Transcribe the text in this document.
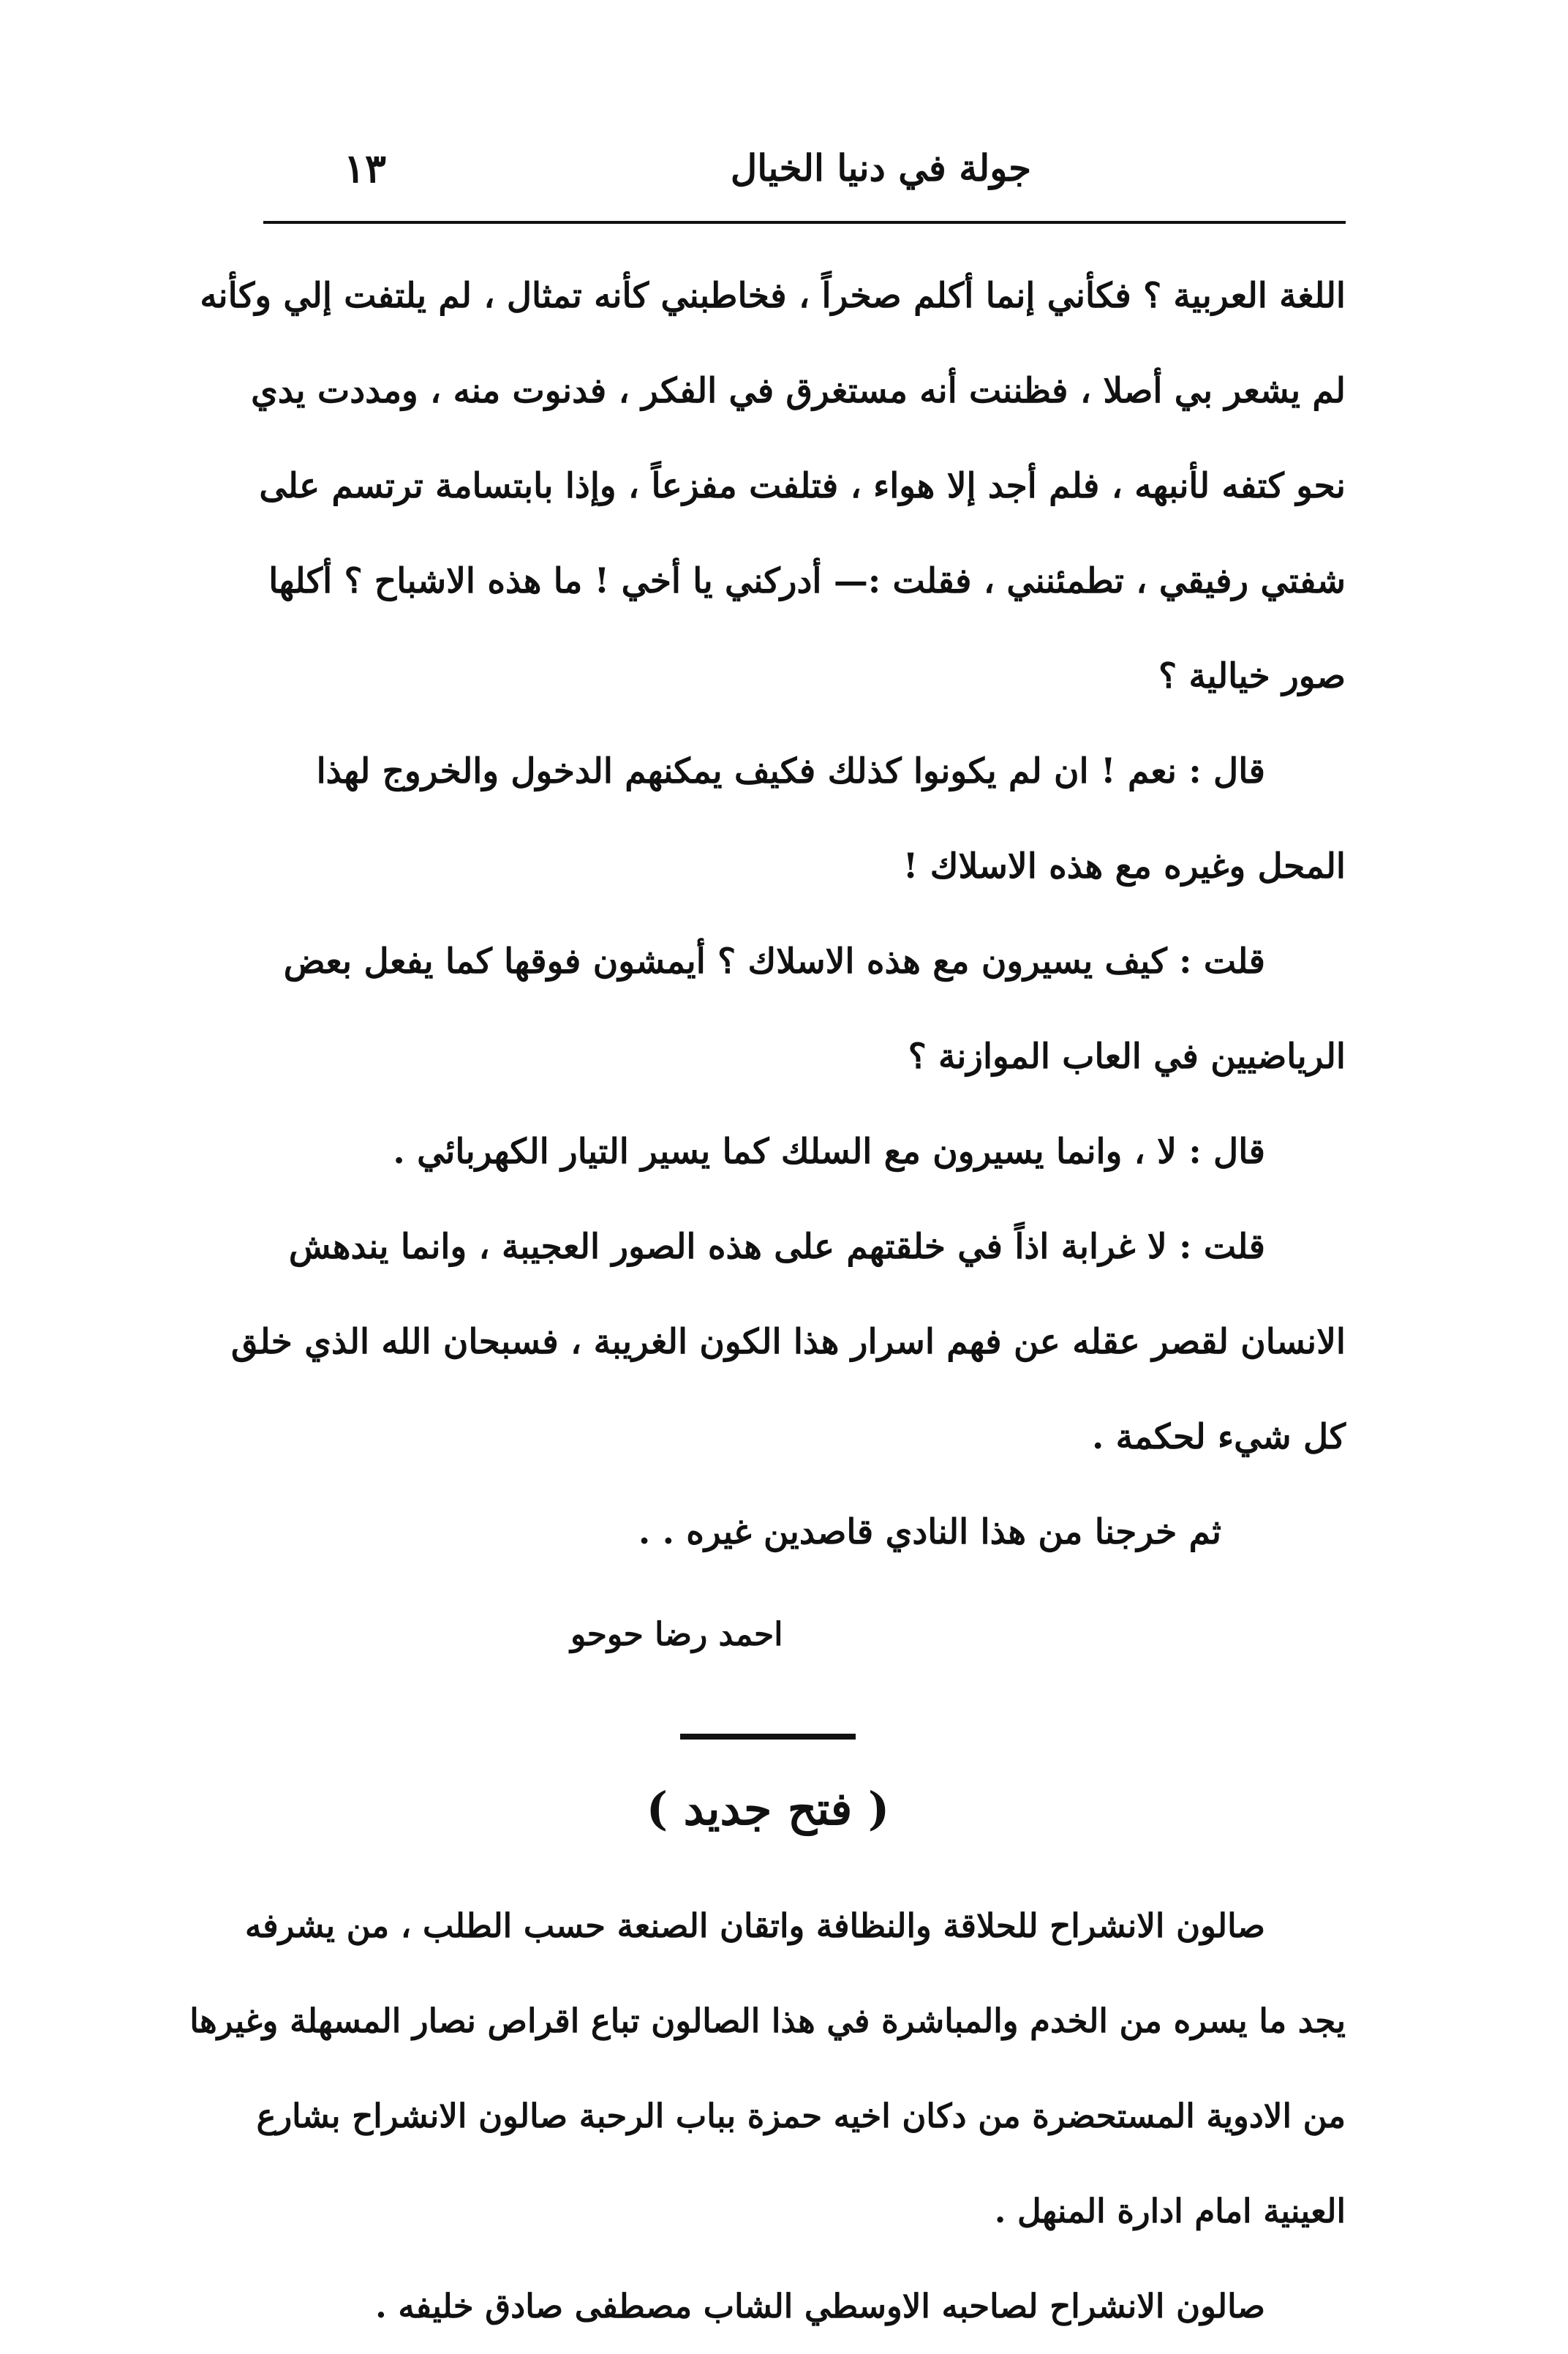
جولة في دنيا الخيال
١٣
اللغة العربية ؟ فكأني إنما أكلم صخراً ، فخاطبني كأنه تمثال ، لم يلتفت إلي وكأنه
لم يشعر بي أصلا ، فظننت أنه مستغرق في الفكر ، فدنوت منه ، ومددت يدي
نحو كتفه لأنبهه ، فلم أجد إلا هواء ، فتلفت مفزعاً ، وإذا بابتسامة ترتسم على
شفتي رفيقي ، تطمئنني ، فقلت :— أدركني يا أخي ! ما هذه الاشباح ؟ أكلها
صور خيالية ؟
قال : نعم ! ان لم يكونوا كذلك فكيف يمكنهم الدخول والخروج لهذا
المحل وغيره مع هذه الاسلاك !
قلت : كيف يسيرون مع هذه الاسلاك ؟ أيمشون فوقها كما يفعل بعض
الرياضيين في العاب الموازنة ؟
قال : لا ، وانما يسيرون مع السلك كما يسير التيار الكهربائي .
قلت : لا غرابة اذاً في خلقتهم على هذه الصور العجيبة ، وانما يندهش
الانسان لقصر عقله عن فهم اسرار هذا الكون الغريبة ، فسبحان الله الذي خلق
كل شيء لحكمة .
ثم خرجنا من هذا النادي قاصدين غيره . .
احمد رضا حوحو
( فتح جديد )
صالون الانشراح للحلاقة والنظافة واتقان الصنعة حسب الطلب ، من يشرفه
يجد ما يسره من الخدم والمباشرة في هذا الصالون تباع اقراص نصار المسهلة وغيرها
من الادوية المستحضرة من دكان اخيه حمزة بباب الرحبة صالون الانشراح بشارع
العينية امام ادارة المنهل .
صالون الانشراح لصاحبه الاوسطي الشاب مصطفى صادق خليفه .
